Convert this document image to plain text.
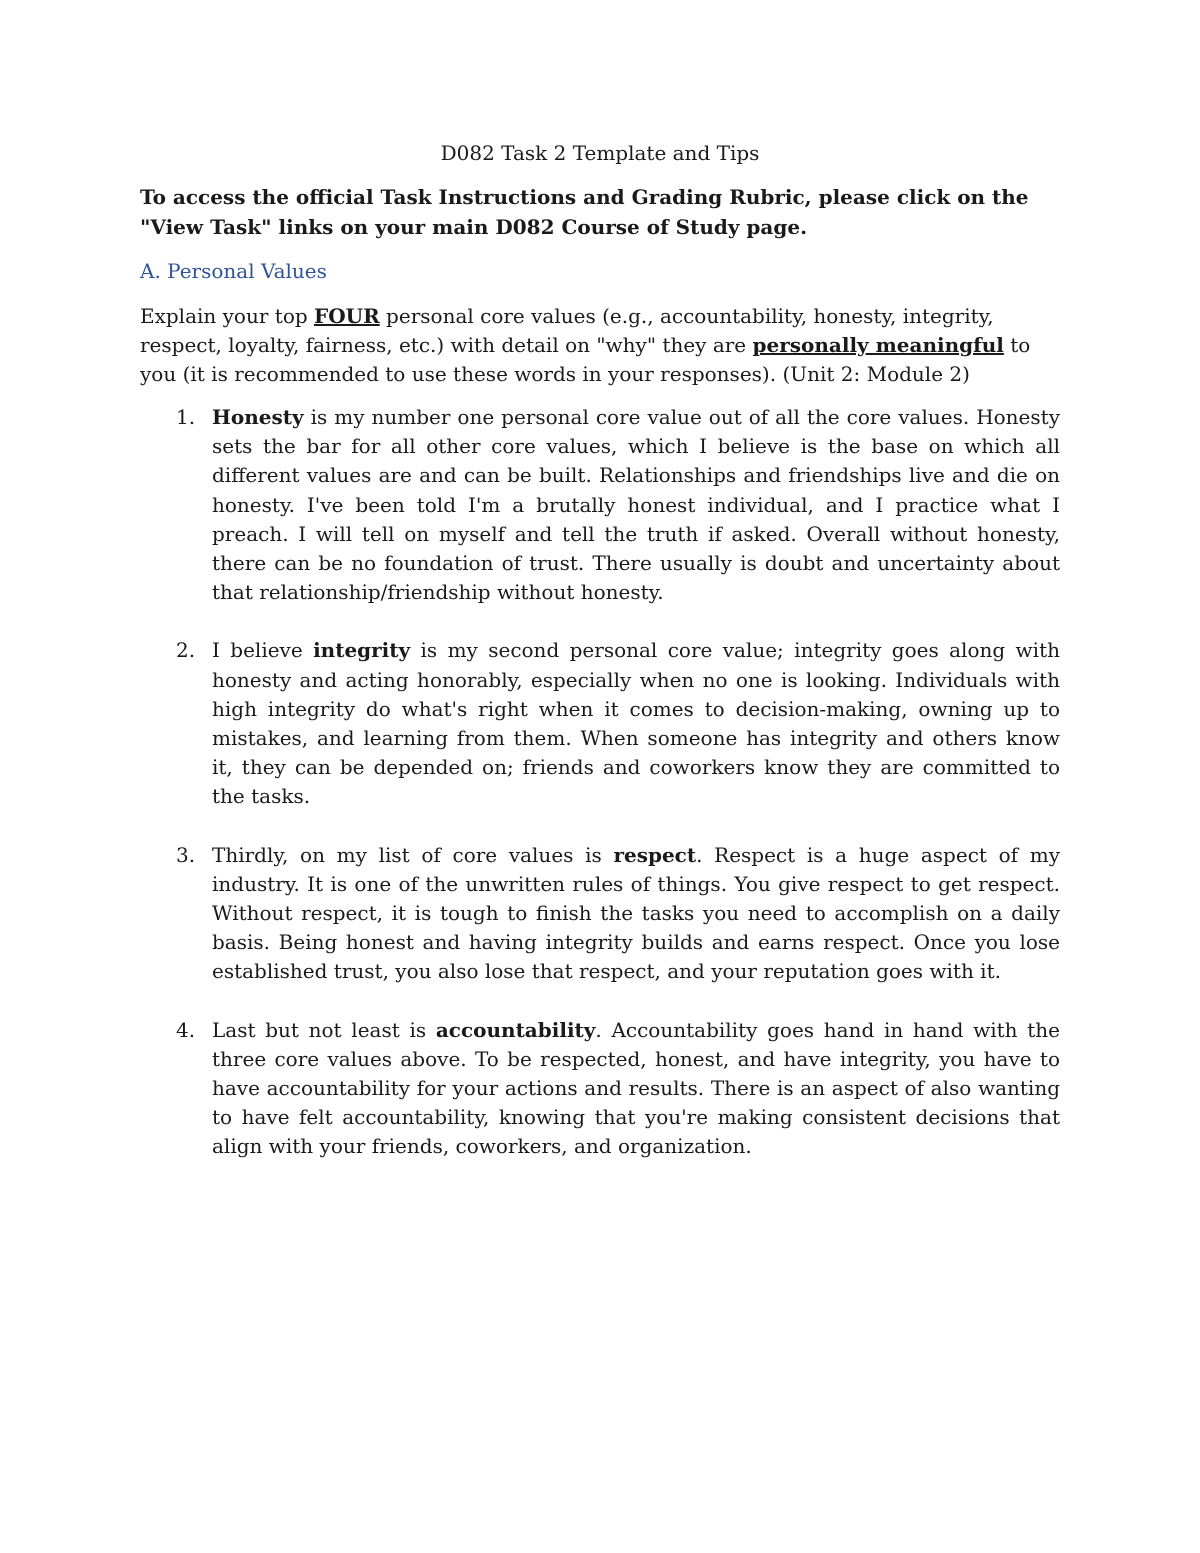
D082 Task 2 Template and Tips

To access the official Task Instructions and Grading Rubric, please click on the "View Task" links on your main D082 Course of Study page.

A. Personal Values

Explain your top FOUR personal core values (e.g., accountability, honesty, integrity, respect, loyalty, fairness, etc.) with detail on "why" they are personally meaningful to you (it is recommended to use these words in your responses). (Unit 2: Module 2)

1. Honesty is my number one personal core value out of all the core values. Honesty sets the bar for all other core values, which I believe is the base on which all different values are and can be built. Relationships and friendships live and die on honesty. I've been told I'm a brutally honest individual, and I practice what I preach. I will tell on myself and tell the truth if asked. Overall without honesty, there can be no foundation of trust. There usually is doubt and uncertainty about that relationship/friendship without honesty.
2. I believe integrity is my second personal core value; integrity goes along with honesty and acting honorably, especially when no one is looking. Individuals with high integrity do what's right when it comes to decision-making, owning up to mistakes, and learning from them. When someone has integrity and others know it, they can be depended on; friends and coworkers know they are committed to the tasks.
3. Thirdly, on my list of core values is respect. Respect is a huge aspect of my industry. It is one of the unwritten rules of things. You give respect to get respect. Without respect, it is tough to finish the tasks you need to accomplish on a daily basis. Being honest and having integrity builds and earns respect. Once you lose established trust, you also lose that respect, and your reputation goes with it.
4. Last but not least is accountability. Accountability goes hand in hand with the three core values above. To be respected, honest, and have integrity, you have to have accountability for your actions and results. There is an aspect of also wanting to have felt accountability, knowing that you're making consistent decisions that align with your friends, coworkers, and organization.
